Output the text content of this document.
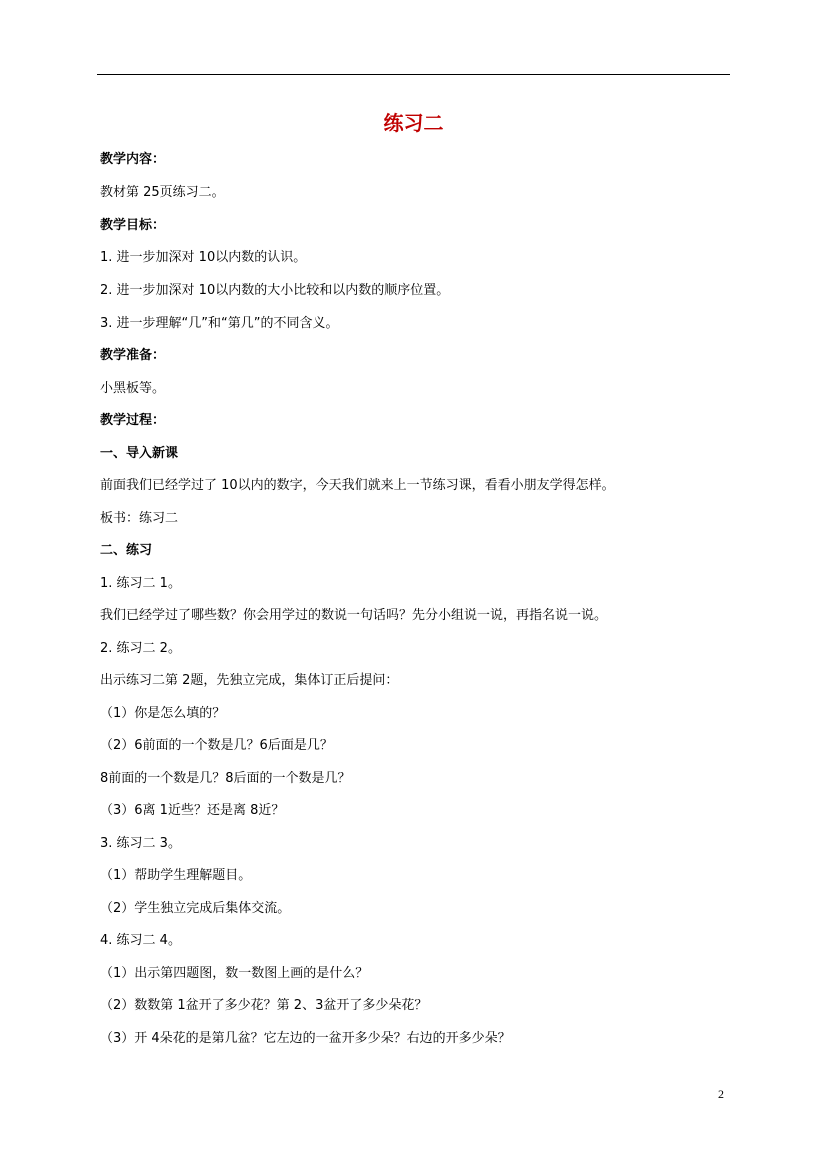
练习二
教学内容：
教材第 25页练习二。
教学目标：
1. 进一步加深对 10以内数的认识。
2. 进一步加深对 10以内数的大小比较和以内数的顺序位置。
3. 进一步理解“几”和“第几”的不同含义。
教学准备：
小黑板等。
教学过程：
一、导入新课
前面我们已经学过了 10以内的数字，今天我们就来上一节练习课，看看小朋友学得怎样。
板书：练习二
二、练习
1. 练习二 1。
我们已经学过了哪些数？你会用学过的数说一句话吗？先分小组说一说，再指名说一说。
2. 练习二 2。
出示练习二第 2题，先独立完成，集体订正后提问：
（1）你是怎么填的？
（2）6前面的一个数是几？6后面是几？
8前面的一个数是几？8后面的一个数是几？
（3）6离 1近些？还是离 8近？
3. 练习二 3。
（1）帮助学生理解题目。
（2）学生独立完成后集体交流。
4. 练习二 4。
（1）出示第四题图，数一数图上画的是什么？
（2）数数第 1盆开了多少花？第 2、3盆开了多少朵花？
（3）开 4朵花的是第几盆？它左边的一盆开多少朵？右边的开多少朵？
2
